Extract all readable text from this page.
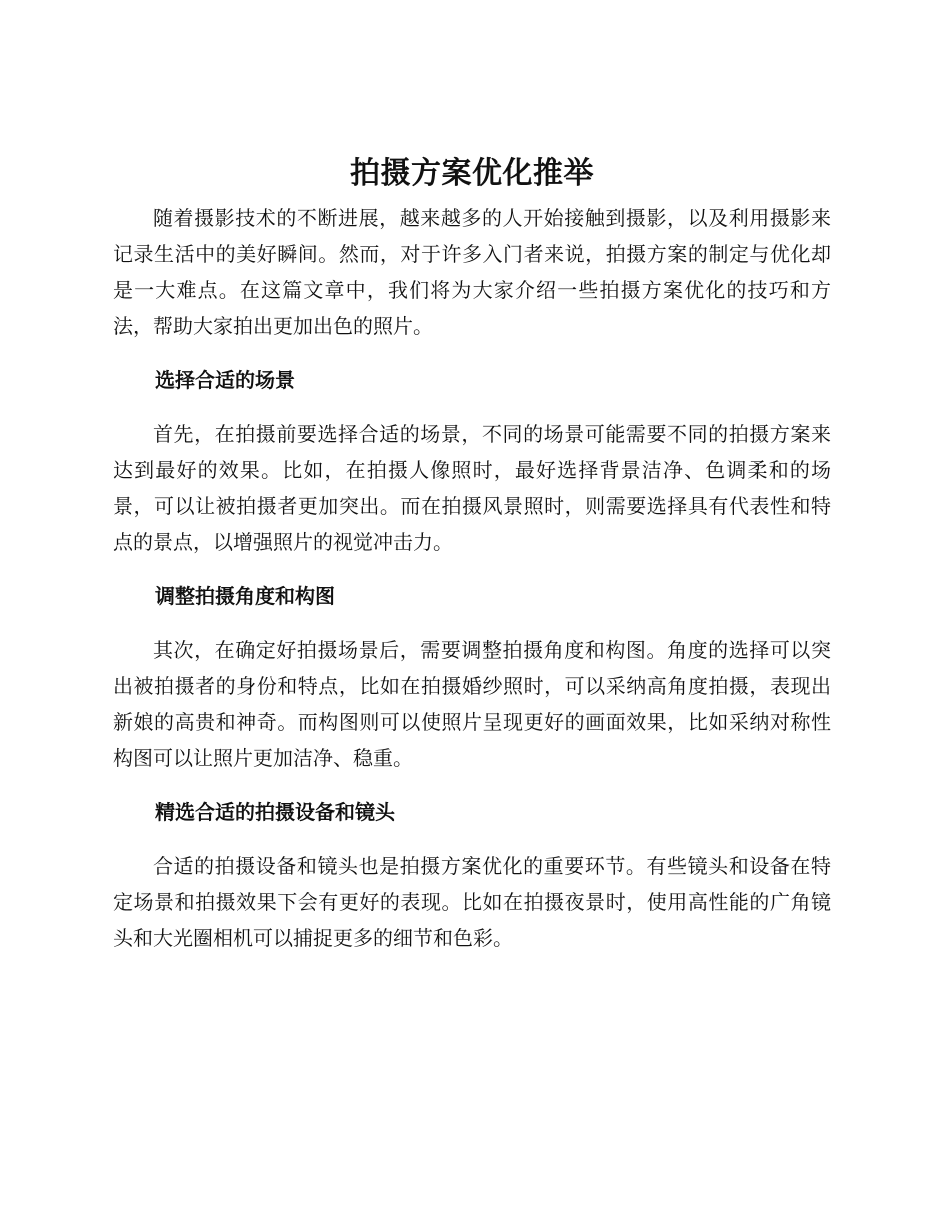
拍摄方案优化推举

随着摄影技术的不断进展，越来越多的人开始接触到摄影，以及利用摄影来记录生活中的美好瞬间。然而，对于许多入门者来说，拍摄方案的制定与优化却是一大难点。在这篇文章中，我们将为大家介绍一些拍摄方案优化的技巧和方法，帮助大家拍出更加出色的照片。

选择合适的场景

首先，在拍摄前要选择合适的场景，不同的场景可能需要不同的拍摄方案来达到最好的效果。比如，在拍摄人像照时，最好选择背景洁净、色调柔和的场景，可以让被拍摄者更加突出。而在拍摄风景照时，则需要选择具有代表性和特点的景点，以增强照片的视觉冲击力。

调整拍摄角度和构图

其次，在确定好拍摄场景后，需要调整拍摄角度和构图。角度的选择可以突出被拍摄者的身份和特点，比如在拍摄婚纱照时，可以采纳高角度拍摄，表现出新娘的高贵和神奇。而构图则可以使照片呈现更好的画面效果，比如采纳对称性构图可以让照片更加洁净、稳重。

精选合适的拍摄设备和镜头

合适的拍摄设备和镜头也是拍摄方案优化的重要环节。有些镜头和设备在特定场景和拍摄效果下会有更好的表现。比如在拍摄夜景时，使用高性能的广角镜头和大光圈相机可以捕捉更多的细节和色彩。
